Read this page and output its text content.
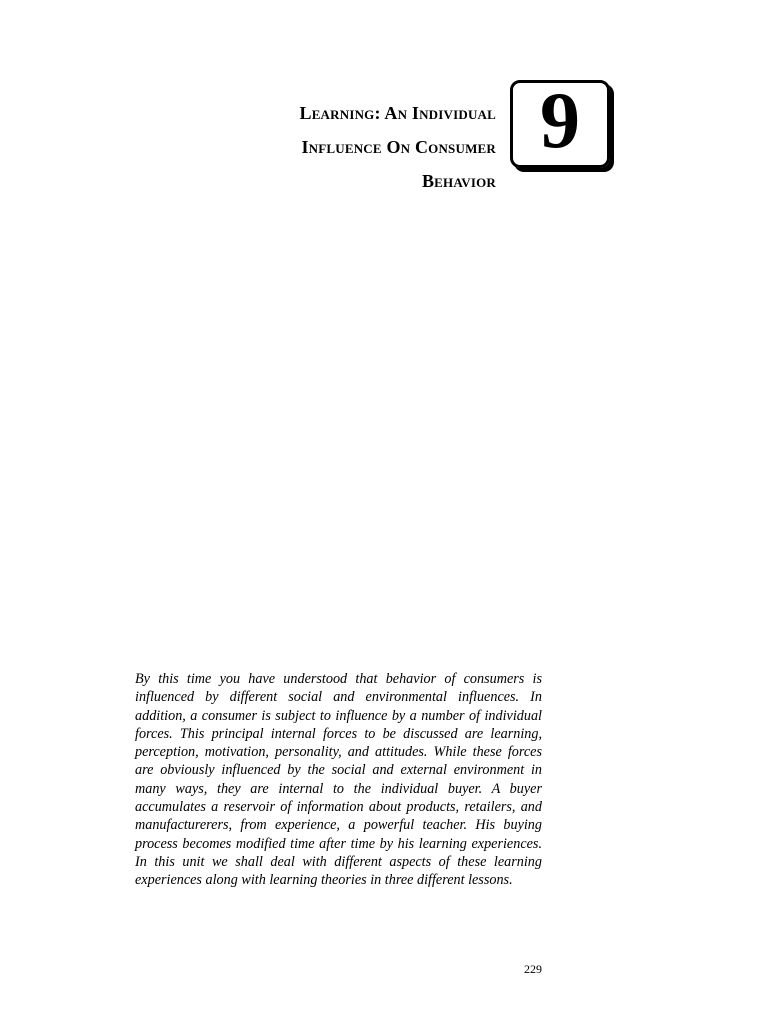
Learning: An Individual
Influence On Consumer
Behavior
9

By this time you have understood that behavior of consumers is influenced by different social and environmental influences. In addition, a consumer is subject to influence by a number of individual forces. This principal internal forces to be discussed are learning, perception, motivation, personality, and attitudes. While these forces are obviously influenced by the social and external environment in many ways, they are internal to the individual buyer. A buyer accumulates a reservoir of information about products, retailers, and manufacturerers, from experience, a powerful teacher. His buying process becomes modified time after time by his learning experiences. In this unit we shall deal with different aspects of these learning experiences along with learning theories in three different lessons.

229
